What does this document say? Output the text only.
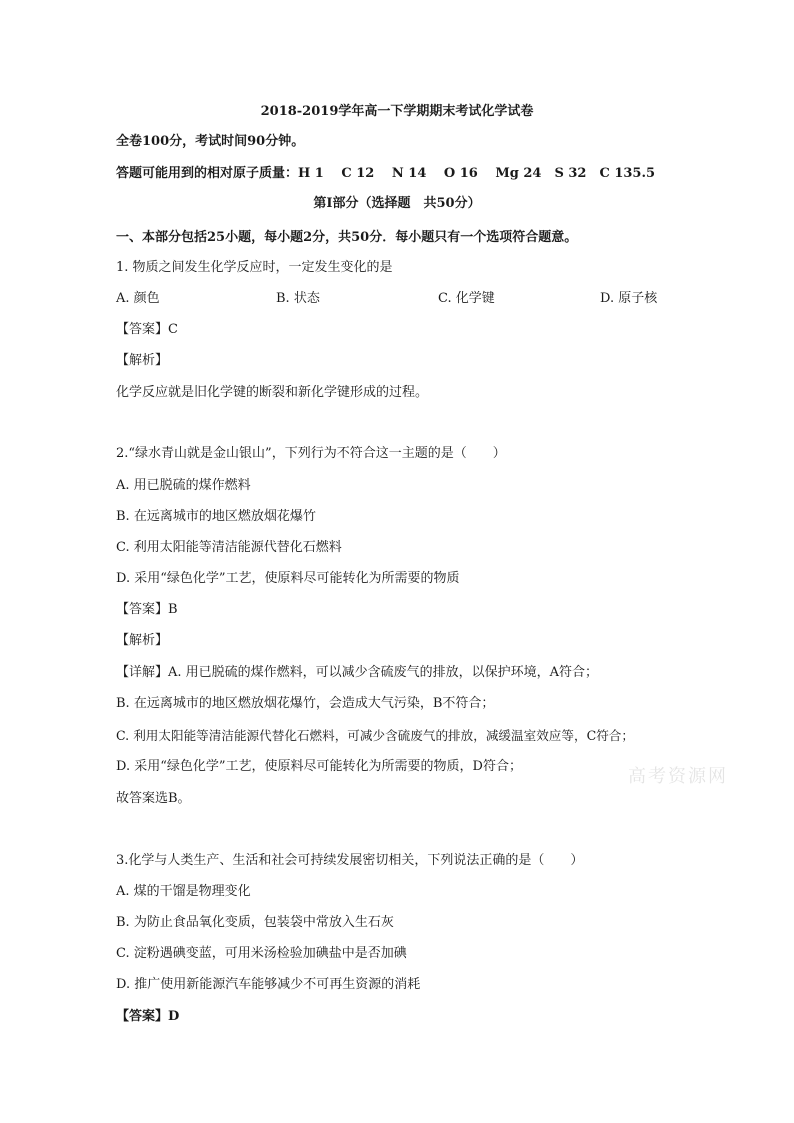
2018-2019学年高一下学期期末考试化学试卷
全卷100分，考试时间90分钟。
答题可能用到的相对原子质量：H 1　 C 12　 N 14　 O 16　 Mg 24　S 32　C 135.5
第I部分（选择题　共50分）
一、本部分包括25小题，每小题2分，共50分．每小题只有一个选项符合题意。
1. 物质之间发生化学反应时，一定发生变化的是
A. 颜色	B. 状态	C. 化学键	D. 原子核
【答案】C
【解析】
化学反应就是旧化学键的断裂和新化学键形成的过程。
2.“绿水青山就是金山银山”，下列行为不符合这一主题的是（　　）
A. 用已脱硫的煤作燃料
B. 在远离城市的地区燃放烟花爆竹
C. 利用太阳能等清洁能源代替化石燃料
D. 采用“绿色化学”工艺，使原料尽可能转化为所需要的物质
【答案】B
【解析】
【详解】A. 用已脱硫的煤作燃料，可以减少含硫废气的排放，以保护环境，A符合；
B. 在远离城市的地区燃放烟花爆竹，会造成大气污染，B不符合；
C. 利用太阳能等清洁能源代替化石燃料，可减少含硫废气的排放，减缓温室效应等，C符合；
D. 采用“绿色化学”工艺，使原料尽可能转化为所需要的物质，D符合；
故答案选B。
高考资源网
3.化学与人类生产、生活和社会可持续发展密切相关，下列说法正确的是（　　）
A. 煤的干馏是物理变化
B. 为防止食品氧化变质，包装袋中常放入生石灰
C. 淀粉遇碘变蓝，可用米汤检验加碘盐中是否加碘
D. 推广使用新能源汽车能够减少不可再生资源的消耗
【答案】D
